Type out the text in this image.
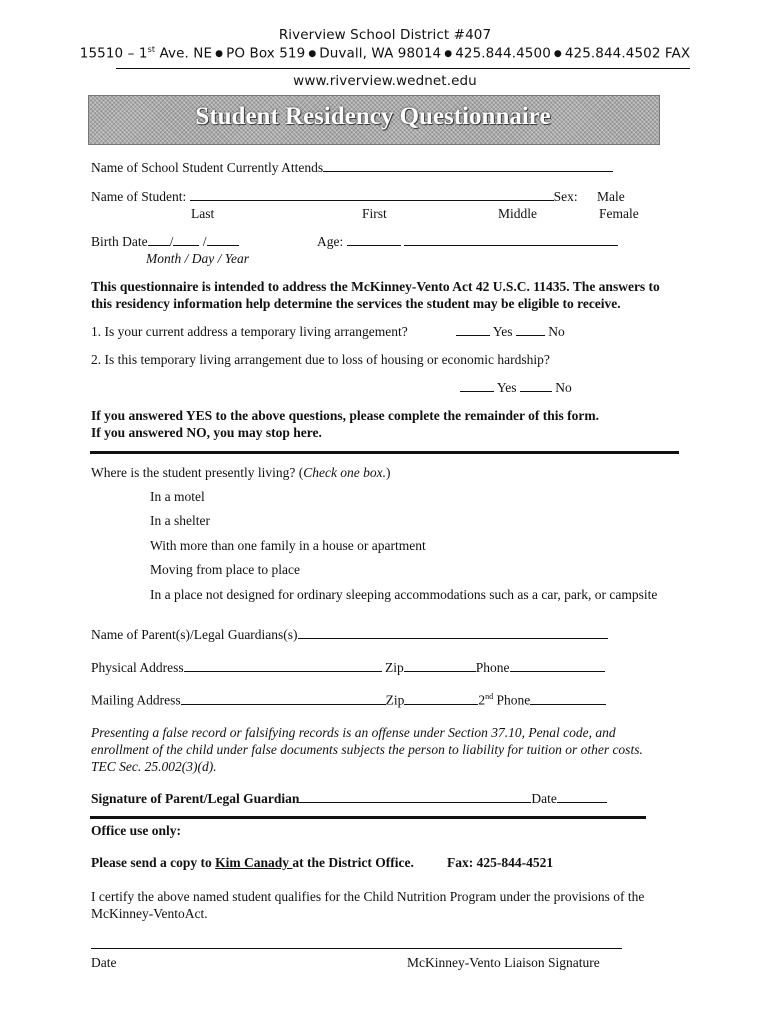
Riverview School District #407
15510 – 1st Ave. NE ● PO Box 519 ● Duvall, WA 98014 ● 425.844.4500 ● 425.844.4502 FAX
www.riverview.wednet.edu
Student Residency Questionnaire
Name of School Student Currently Attends
Name of Student:	Sex: Male
Last	First	Middle	Female
Birth Date / /	Age:
Month / Day / Year
This questionnaire is intended to address the McKinney-Vento Act 42 U.S.C. 11435. The answers to
this residency information help determine the services the student may be eligible to receive.
1. Is your current address a temporary living arrangement?	Yes	No
2. Is this temporary living arrangement due to loss of housing or economic hardship?
Yes	No
If you answered YES to the above questions, please complete the remainder of this form.
If you answered NO, you may stop here.
Where is the student presently living? (Check one box.)
In a motel
In a shelter
With more than one family in a house or apartment
Moving from place to place
In a place not designed for ordinary sleeping accommodations such as a car, park, or campsite
Name of Parent(s)/Legal Guardians(s)
Physical Address	Zip	Phone
Mailing Address	Zip	2nd Phone
Presenting a false record or falsifying records is an offense under Section 37.10, Penal code, and
enrollment of the child under false documents subjects the person to liability for tuition or other costs.
TEC Sec. 25.002(3)(d).
Signature of Parent/Legal Guardian	Date
Office use only:
Please send a copy to Kim Canady at the District Office. Fax: 425-844-4521
I certify the above named student qualifies for the Child Nutrition Program under the provisions of the
McKinney-VentoAct.
Date	McKinney-Vento Liaison Signature
